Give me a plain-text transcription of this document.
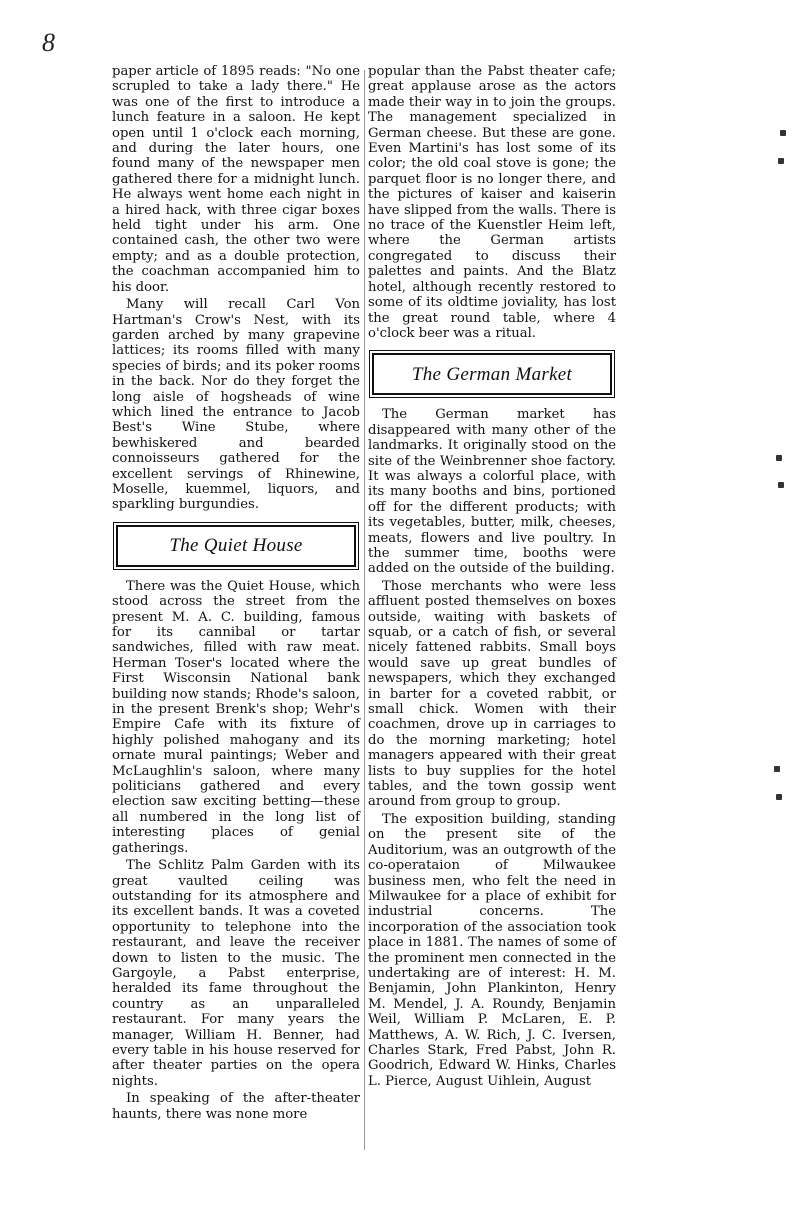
8

paper article of 1895 reads: "No one scrupled to take a lady there." He was one of the first to introduce a lunch feature in a saloon. He kept open until 1 o'clock each morning, and during the later hours, one found many of the newspaper men gathered there for a midnight lunch. He always went home each night in a hired hack, with three cigar boxes held tight under his arm. One contained cash, the other two were empty; and as a double protection, the coachman accompanied him to his door.

Many will recall Carl Von Hartman's Crow's Nest, with its garden arched by many grapevine lattices; its rooms filled with many species of birds; and its poker rooms in the back. Nor do they forget the long aisle of hogsheads of wine which lined the entrance to Jacob Best's Wine Stube, where bewhiskered and bearded connoisseurs gathered for the excellent servings of Rhinewine, Moselle, kuemmel, liquors, and sparkling burgundies.

The Quiet House

There was the Quiet House, which stood across the street from the present M. A. C. building, famous for its cannibal or tartar sandwiches, filled with raw meat. Herman Toser's located where the First Wisconsin National bank building now stands; Rhode's saloon, in the present Brenk's shop; Wehr's Empire Cafe with its fixture of highly polished mahogany and its ornate mural paintings; Weber and McLaughlin's saloon, where many politicians gathered and every election saw exciting betting—these all numbered in the long list of interesting places of genial gatherings.

The Schlitz Palm Garden with its great vaulted ceiling was outstanding for its atmosphere and its excellent bands. It was a coveted opportunity to telephone into the restaurant, and leave the receiver down to listen to the music. The Gargoyle, a Pabst enterprise, heralded its fame throughout the country as an unparalleled restaurant. For many years the manager, William H. Benner, had every table in his house reserved for after theater parties on the opera nights.

In speaking of the after-theater haunts, there was none more

popular than the Pabst theater cafe; great applause arose as the actors made their way in to join the groups. The management specialized in German cheese. But these are gone. Even Martini's has lost some of its color; the old coal stove is gone; the parquet floor is no longer there, and the pictures of kaiser and kaiserin have slipped from the walls. There is no trace of the Kuenstler Heim left, where the German artists congregated to discuss their palettes and paints. And the Blatz hotel, although recently restored to some of its oldtime joviality, has lost the great round table, where 4 o'clock beer was a ritual.

The German Market

The German market has disappeared with many other of the landmarks. It originally stood on the site of the Weinbrenner shoe factory. It was always a colorful place, with its many booths and bins, portioned off for the different products; with its vegetables, butter, milk, cheeses, meats, flowers and live poultry. In the summer time, booths were added on the outside of the building.

Those merchants who were less affluent posted themselves on boxes outside, waiting with baskets of squab, or a catch of fish, or several nicely fattened rabbits. Small boys would save up great bundles of newspapers, which they exchanged in barter for a coveted rabbit, or small chick. Women with their coachmen, drove up in carriages to do the morning marketing; hotel managers appeared with their great lists to buy supplies for the hotel tables, and the town gossip went around from group to group.

The exposition building, standing on the present site of the Auditorium, was an outgrowth of the co-operataion of Milwaukee business men, who felt the need in Milwaukee for a place of exhibit for industrial concerns. The incorporation of the association took place in 1881. The names of some of the prominent men connected in the undertaking are of interest: H. M. Benjamin, John Plankinton, Henry M. Mendel, J. A. Roundy, Benjamin Weil, William P. McLaren, E. P. Matthews, A. W. Rich, J. C. Iversen, Charles Stark, Fred Pabst, John R. Goodrich, Edward W. Hinks, Charles L. Pierce, August Uihlein, August
